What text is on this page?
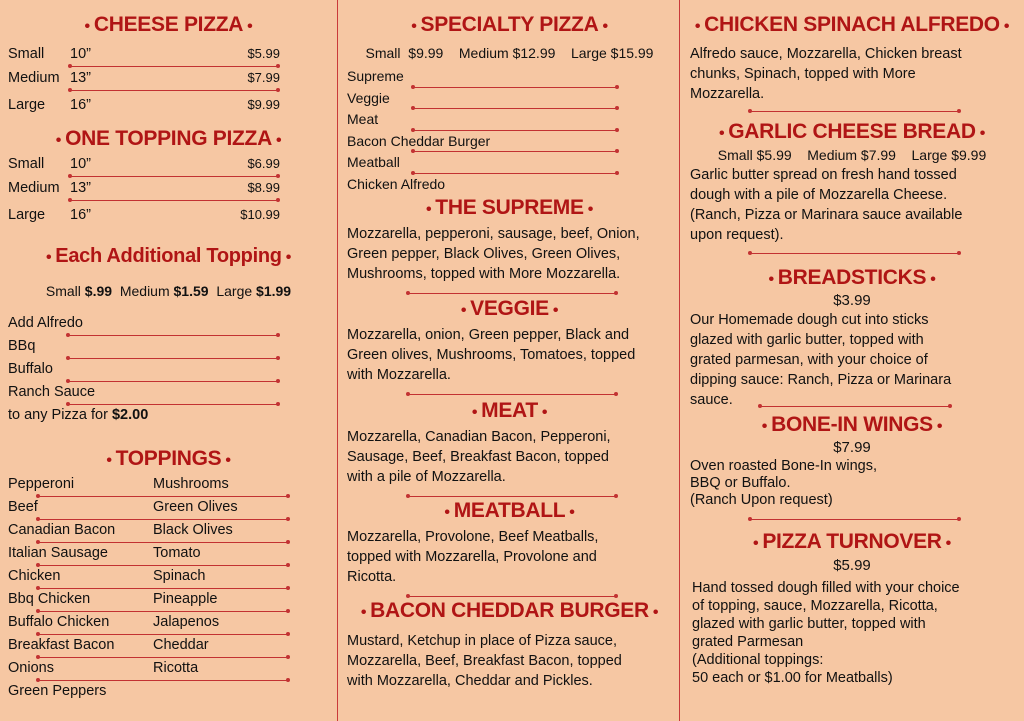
• CHEESE PIZZA •

Small 10”	$5.99
Medium 13”	$7.99
Large 16”	$9.99

• ONE TOPPING PIZZA •

Small 10”	$6.99
Medium 13”	$8.99
Large 16”	$10.99

• Each Additional Topping •

Small $.99 Medium $1.59 Large $1.99

Add Alfredo
BBq
Buffalo
Ranch Sauce
to any Pizza for $2.00

• TOPPINGS •

Pepperoni	Mushrooms
Beef	Green Olives
Canadian Bacon	Black Olives
Italian Sausage	Tomato
Chicken	Spinach
Bbq Chicken	Pineapple
Buffalo Chicken	Jalapenos
Breakfast Bacon	Cheddar
Onions	Ricotta
Green Peppers

• SPECIALTY PIZZA •

Small  $9.99    Medium $12.99    Large $15.99

Supreme
Veggie
Meat
Bacon Cheddar Burger
Meatball
Chicken Alfredo

• THE SUPREME •

Mozzarella, pepperoni, sausage, beef, Onion,

Green pepper, Black Olives, Green Olives,

Mushrooms, topped with More Mozzarella.

• VEGGIE •

Mozzarella, onion, Green pepper, Black and

Green olives, Mushrooms, Tomatoes, topped

with Mozzarella.

• MEAT •

Mozzarella, Canadian Bacon, Pepperoni,

Sausage, Beef, Breakfast Bacon, topped

with a pile of Mozzarella.

• MEATBALL •

Mozzarella, Provolone, Beef Meatballs,

topped with Mozzarella, Provolone and

Ricotta.

• BACON CHEDDAR BURGER •

Mustard, Ketchup in place of Pizza sauce,

Mozzarella, Beef, Breakfast Bacon, topped

with Mozzarella, Cheddar and Pickles.

• CHICKEN SPINACH ALFREDO •

Alfredo sauce, Mozzarella, Chicken breast

chunks, Spinach, topped with More

Mozzarella.

• GARLIC CHEESE BREAD •

Small $5.99    Medium $7.99    Large $9.99

Garlic butter spread on fresh hand tossed

dough with a pile of Mozzarella Cheese.

(Ranch, Pizza or Marinara sauce available

upon request).

• BREADSTICKS •

$3.99

Our Homemade dough cut into sticks

glazed with garlic butter, topped with

grated parmesan, with your choice of

dipping sauce: Ranch, Pizza or Marinara

sauce.

• BONE-IN WINGS •

$7.99

Oven roasted Bone-In wings,

BBQ or Buffalo.

(Ranch Upon request)

• PIZZA TURNOVER •

$5.99

Hand tossed dough filled with your choice

of topping, sauce, Mozzarella, Ricotta,

glazed with garlic butter, topped with

grated Parmesan

(Additional toppings:

50 each or $1.00 for Meatballs)
